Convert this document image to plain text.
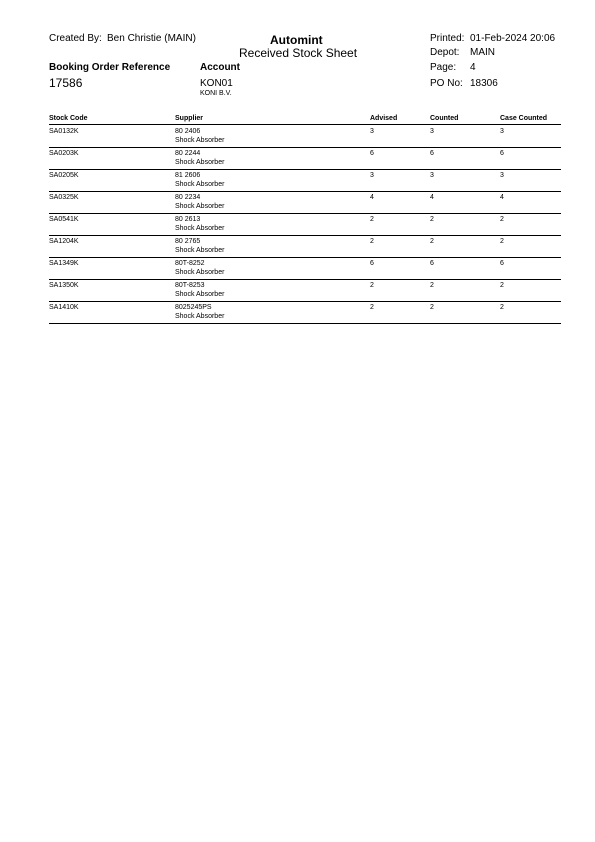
Created By: Ben Christie (MAIN)	Automint
Received Stock Sheet
Printed: 01-Feb-2024 20:06
Depot: MAIN
Page: 4
PO No: 18306
Booking Order Reference
17586
Account
KON01
KONI B.V.
Stock Code	Supplier	Advised	Counted	Case Counted
SA0132K	80 2406
Shock Absorber
3	3	3
SA0203K	80 2244
Shock Absorber
6	6	6
SA0205K	81 2606
Shock Absorber
3	3	3
SA0325K	80 2234
Shock Absorber
4	4	4
SA0541K	80 2613
Shock Absorber
2	2	2
SA1204K	80 2765
Shock Absorber
2	2	2
SA1349K	80T-8252
Shock Absorber
6	6	6
SA1350K	80T-8253
Shock Absorber
2	2	2
SA1410K	8025245PS
Shock Absorber
2	2	2
